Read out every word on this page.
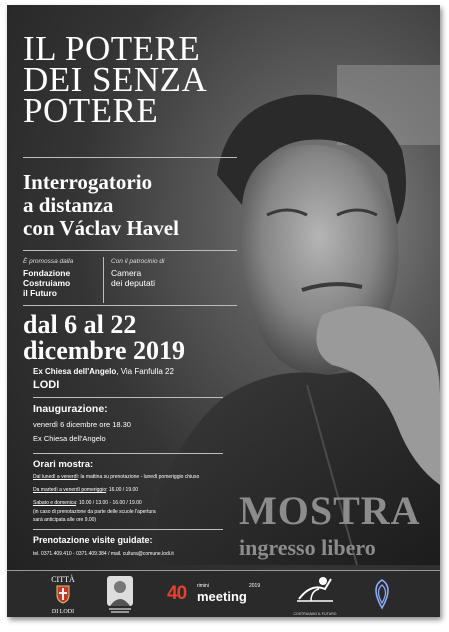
IL POTERE
DEI SENZA
POTERE
Interrogatorio
a distanza
con Václav Havel
È promossa dalla
Fondazione
Costruiamo
il Futuro
Con il patrocinio di
Camera
dei deputati
dal 6 al 22
dicembre 2019
Ex Chiesa dell'Angelo, Via Fanfulla 22
LODI
Inaugurazione:
venerdì 6 dicembre ore 18.30
Ex Chiesa dell'Angelo
Orari mostra:
Dal lunedì a venerdì: la mattina su prenotazione - lunedì pomeriggio chiuso
Da martedì a venerdì pomeriggio: 16.00 / 19.00
Sabato e domenica: 10.00 / 13.00 - 16.00 / 19.00
(in caso di prenotazione da parte delle scuole l'apertura
sarà anticipata alle ore 9.00)
Prenotazione visite guidate:
tel. 0371.409.410 - 0371.409.384 / mail. cultura@comune.lodi.it
MOSTRA
ingresso libero
CITTÀ
DI LODI
40 rimini
meeting
2019
COSTRUIAMO IL FUTURO
